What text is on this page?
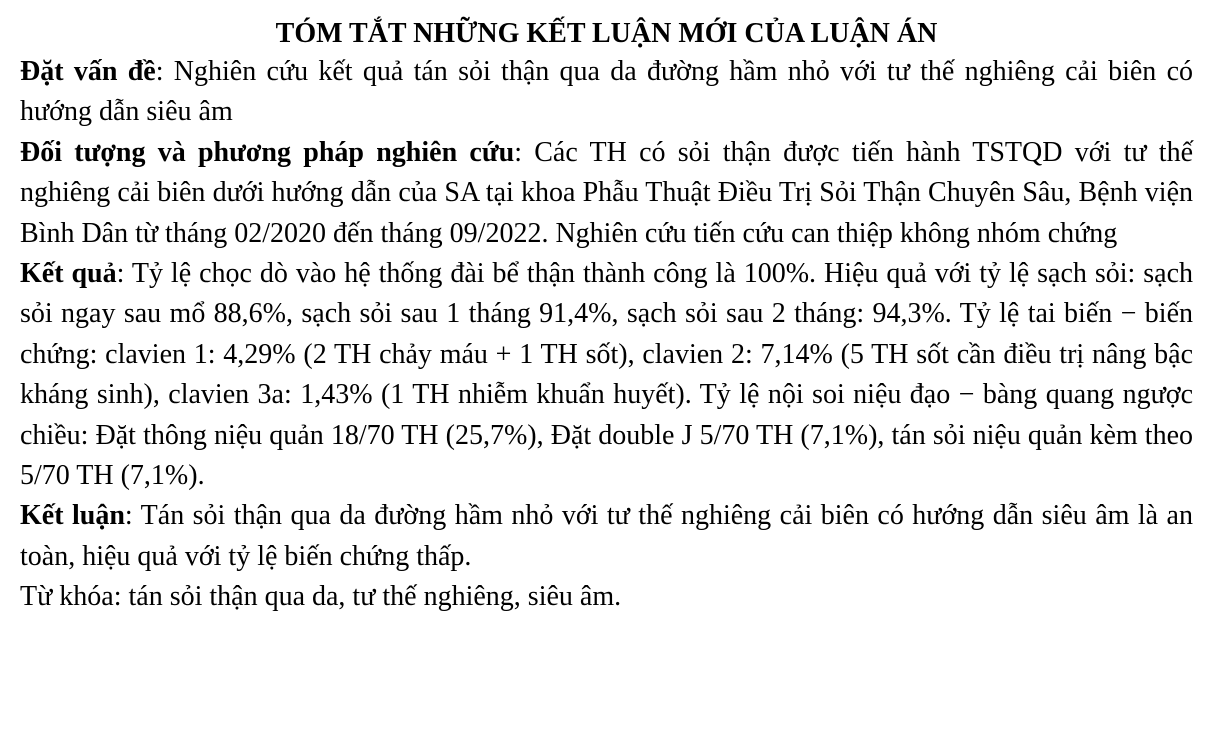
TÓM TẮT NHỮNG KẾT LUẬN MỚI CỦA LUẬN ÁN

Đặt vấn đề: Nghiên cứu kết quả tán sỏi thận qua da đường hầm nhỏ với tư thế nghiêng cải biên có hướng dẫn siêu âm

Đối tượng và phương pháp nghiên cứu: Các TH có sỏi thận được tiến hành TSTQD với tư thế nghiêng cải biên dưới hướng dẫn của SA tại khoa Phẫu Thuật Điều Trị Sỏi Thận Chuyên Sâu, Bệnh viện Bình Dân từ tháng 02/2020 đến tháng 09/2022. Nghiên cứu tiến cứu can thiệp không nhóm chứng

Kết quả: Tỷ lệ chọc dò vào hệ thống đài bể thận thành công là 100%. Hiệu quả với tỷ lệ sạch sỏi: sạch sỏi ngay sau mổ 88,6%, sạch sỏi sau 1 tháng 91,4%, sạch sỏi sau 2 tháng: 94,3%. Tỷ lệ tai biến − biến chứng: clavien 1: 4,29% (2 TH chảy máu + 1 TH sốt), clavien 2: 7,14% (5 TH sốt cần điều trị nâng bậc kháng sinh), clavien 3a: 1,43% (1 TH nhiễm khuẩn huyết). Tỷ lệ nội soi niệu đạo − bàng quang ngược chiều: Đặt thông niệu quản 18/70 TH (25,7%), Đặt double J 5/70 TH (7,1%), tán sỏi niệu quản kèm theo 5/70 TH (7,1%).

Kết luận: Tán sỏi thận qua da đường hầm nhỏ với tư thế nghiêng cải biên có hướng dẫn siêu âm là an toàn, hiệu quả với tỷ lệ biến chứng thấp.

Từ khóa: tán sỏi thận qua da, tư thế nghiêng, siêu âm.
